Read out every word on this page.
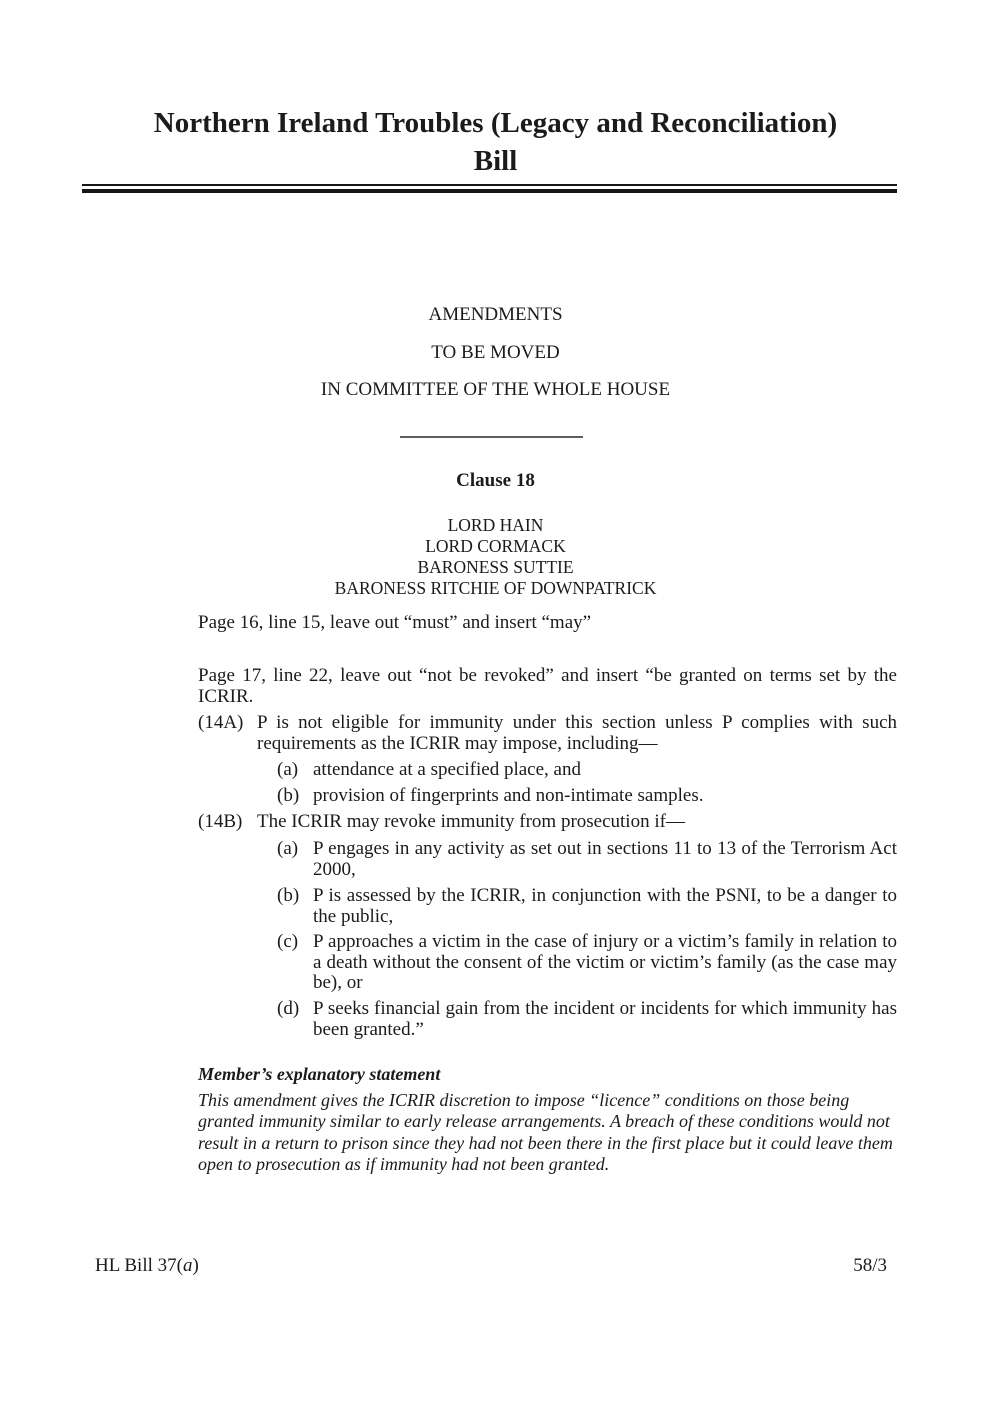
Northern Ireland Troubles (Legacy and Reconciliation)
Bill
AMENDMENTS
TO BE MOVED
IN COMMITTEE OF THE WHOLE HOUSE
Clause 18
LORD HAIN
LORD CORMACK
BARONESS SUTTIE
BARONESS RITCHIE OF DOWNPATRICK
Page 16, line 15, leave out “must” and insert “may”
Page 17, line 22, leave out “not be revoked” and insert “be granted on terms set by the ICRIR.
(14A) P is not eligible for immunity under this section unless P complies with such requirements as the ICRIR may impose, including—
(a) attendance at a specified place, and
(b) provision of fingerprints and non-intimate samples.
(14B) The ICRIR may revoke immunity from prosecution if—
(a) P engages in any activity as set out in sections 11 to 13 of the Terrorism Act 2000,
(b) P is assessed by the ICRIR, in conjunction with the PSNI, to be a danger to the public,
(c) P approaches a victim in the case of injury or a victim’s family in relation to a death without the consent of the victim or victim’s family (as the case may be), or
(d) P seeks financial gain from the incident or incidents for which immunity has been granted.”
Member’s explanatory statement
This amendment gives the ICRIR discretion to impose “licence” conditions on those being granted immunity similar to early release arrangements. A breach of these conditions would not result in a return to prison since they had not been there in the first place but it could leave them open to prosecution as if immunity had not been granted.
HL Bill 37(a)	58/3
